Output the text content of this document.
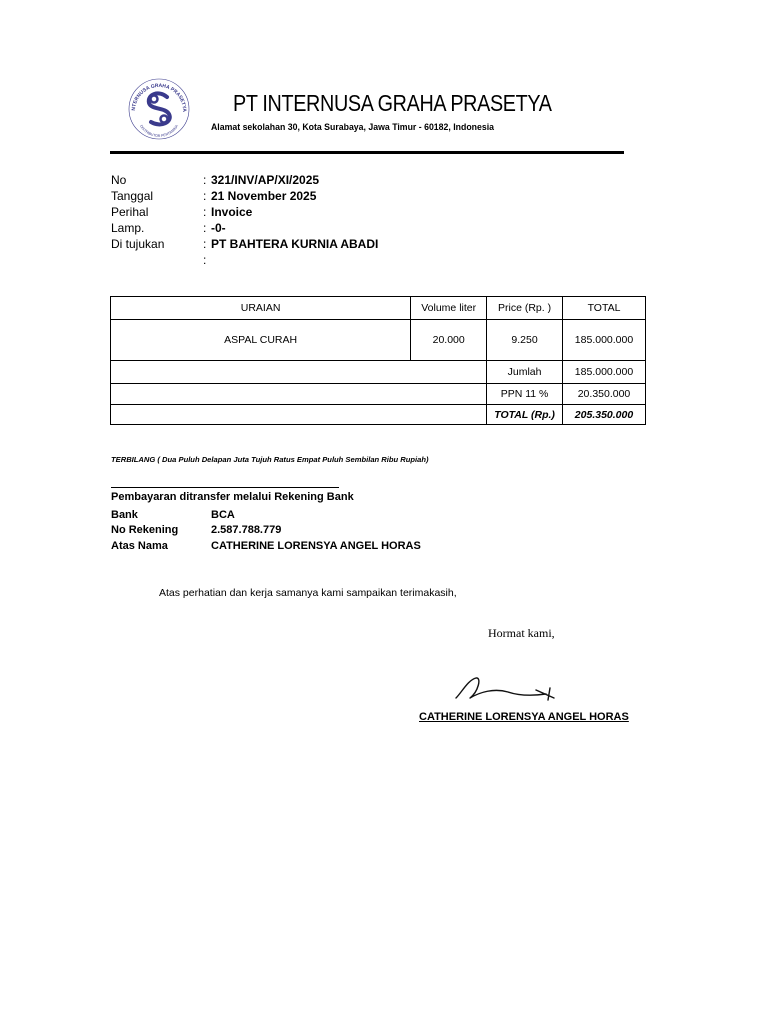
NTERNUSA GRAHA PRASETYA
DISTRIBUTOR PERTAMINA
PT INTERNUSA GRAHA PRASETYA
Alamat sekolahan 30, Kota Surabaya, Jawa Timur - 60182, Indonesia
No	: 321/INV/AP/XI/2025
Tanggal	: 21 November 2025
Perihal	: Invoice
Lamp.	: -0-
Di tujukan	: PT BAHTERA KURNIA ABADI
:
URAIAN	Volume liter	Price (Rp. )	TOTAL
ASPAL CURAH	20.000	9.250	185.000.000
		Jumlah	185.000.000
		PPN 11 %	20.350.000
		TOTAL (Rp.)	205.350.000
TERBILANG ( Dua Puluh Delapan Juta Tujuh Ratus Empat Puluh Sembilan Ribu Rupiah)
Pembayaran ditransfer melalui Rekening Bank
Bank	BCA
No Rekening	2.587.788.779
Atas Nama	CATHERINE LORENSYA ANGEL HORAS
Atas perhatian dan kerja samanya kami sampaikan terimakasih,
Hormat kami,
CATHERINE LORENSYA ANGEL HORAS
